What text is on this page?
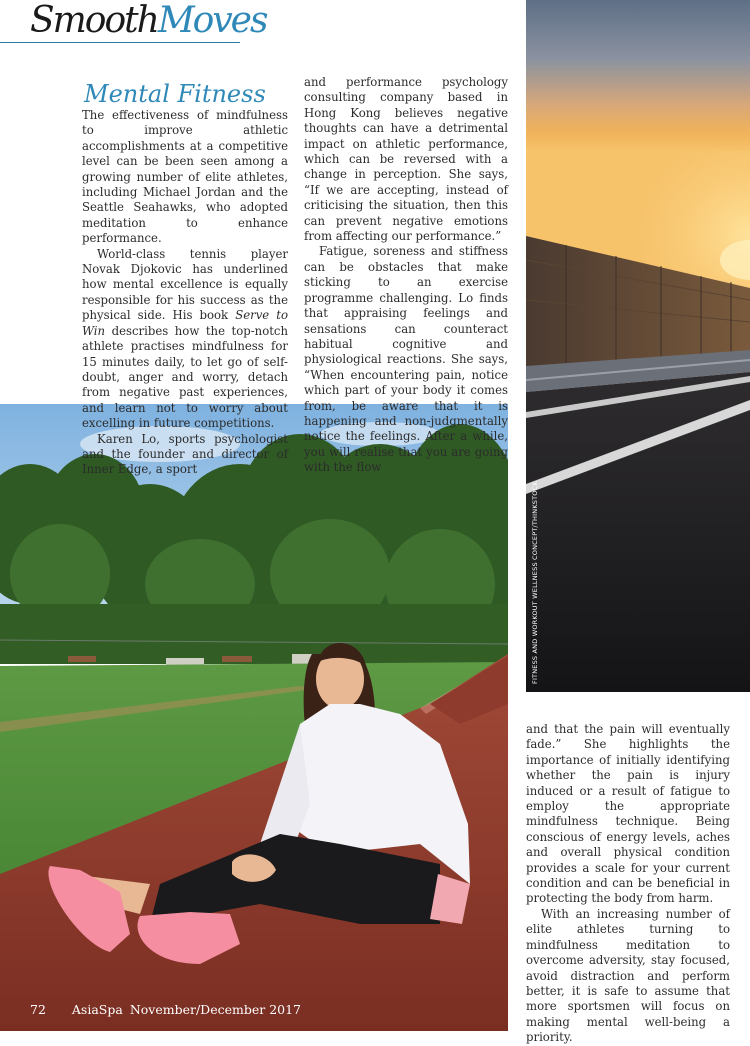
FITNESS AND WORKOUT WELLNESS CONCEPT/THINKSTOCK
SmoothMoves
Mental Fitness

The effectiveness of mindfulness to improve athletic accomplishments at a competitive level can be been seen among a growing number of elite athletes, including Michael Jordan and the Seattle Seahawks, who adopted meditation to enhance performance.

World-class tennis player Novak Djokovic has underlined how mental excellence is equally responsible for his success as the physical side. His book Serve to Win describes how the top-notch athlete practises mindfulness for 15 minutes daily, to let go of self-doubt, anger and worry, detach from negative past experiences, and learn not to worry about excelling in future competitions.

Karen Lo, sports psychologist and the founder and director of Inner Edge, a sport

and performance psychology consulting company based in Hong Kong believes negative thoughts can have a detrimental impact on athletic performance, which can be reversed with a change in perception. She says, “If we are accepting, instead of criticising the situation, then this can prevent negative emotions from affecting our performance.”

Fatigue, soreness and stiffness can be obstacles that make sticking to an exercise programme challenging. Lo finds that appraising feelings and sensations can counteract habitual cognitive and physiological reactions. She says, “When encountering pain, notice which part of your body it comes from, be aware that it is happening and non-judgmentally notice the feelings. After a while, you will realise that you are going with the flow

and that the pain will eventually fade.” She highlights the importance of initially identifying whether the pain is injury induced or a result of fatigue to employ the appropriate mindfulness technique. Being conscious of energy levels, aches and overall physical condition provides a scale for your current condition and can be beneficial in protecting the body from harm.

With an increasing number of elite athletes turning to mindfulness meditation to overcome adversity, stay focused, avoid distraction and perform better, it is safe to assume that more sportsmen will focus on making mental well-being a priority.

72 AsiaSpa November/December 2017
